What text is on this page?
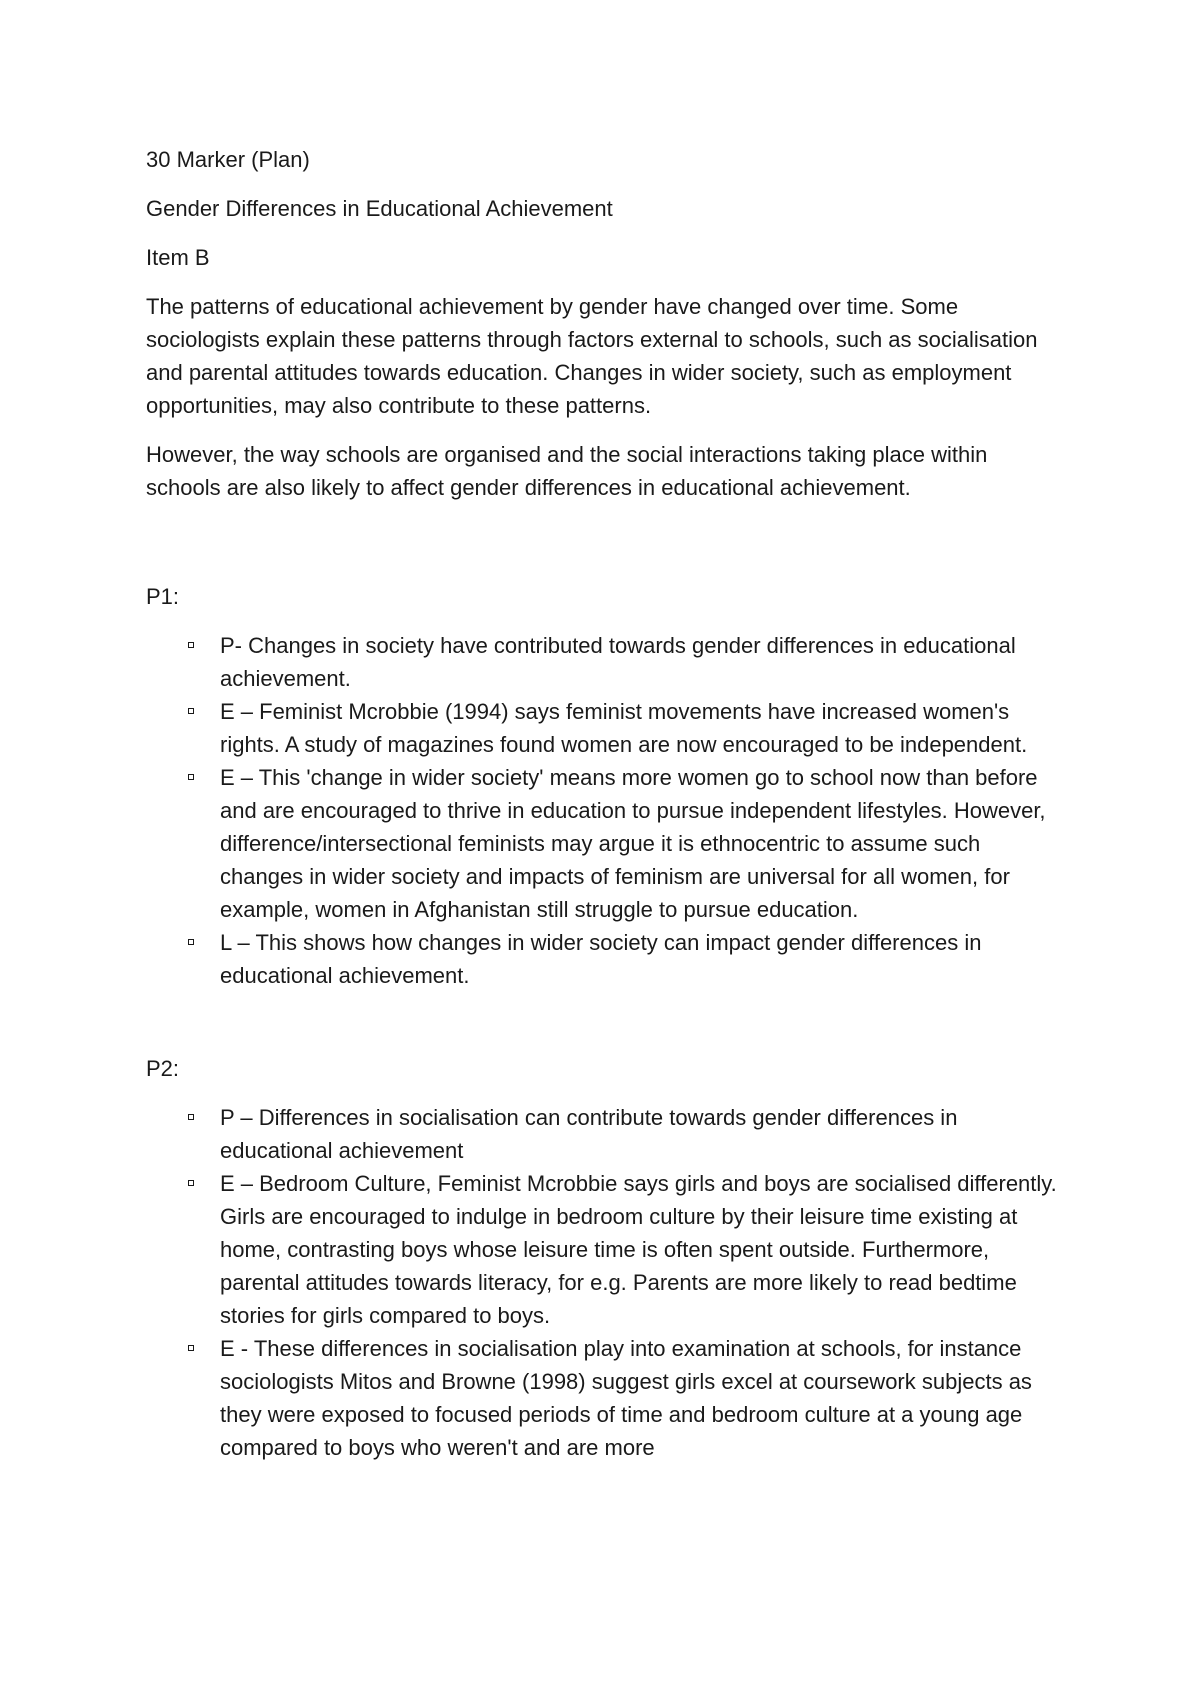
30 Marker (Plan)
Gender Differences in Educational Achievement
Item B
The patterns of educational achievement by gender have changed over time. Some sociologists explain these patterns through factors external to schools, such as socialisation and parental attitudes towards education. Changes in wider society, such as employment opportunities, may also contribute to these patterns.
However, the way schools are organised and the social interactions taking place within schools are also likely to affect gender differences in educational achievement.
P1:
P- Changes in society have contributed towards gender differences in educational achievement.
E – Feminist Mcrobbie (1994) says feminist movements have increased women's rights. A study of magazines found women are now encouraged to be independent.
E – This 'change in wider society' means more women go to school now than before and are encouraged to thrive in education to pursue independent lifestyles. However, difference/intersectional feminists may argue it is ethnocentric to assume such changes in wider society and impacts of feminism are universal for all women, for example, women in Afghanistan still struggle to pursue education.
L – This shows how changes in wider society can impact gender differences in educational achievement.
P2:
P – Differences in socialisation can contribute towards gender differences in educational achievement
E – Bedroom Culture, Feminist Mcrobbie says girls and boys are socialised differently. Girls are encouraged to indulge in bedroom culture by their leisure time existing at home, contrasting boys whose leisure time is often spent outside. Furthermore, parental attitudes towards literacy, for e.g. Parents are more likely to read bedtime stories for girls compared to boys.
E - These differences in socialisation play into examination at schools, for instance sociologists Mitos and Browne (1998) suggest girls excel at coursework subjects as they were exposed to focused periods of time and bedroom culture at a young age compared to boys who weren't and are more
